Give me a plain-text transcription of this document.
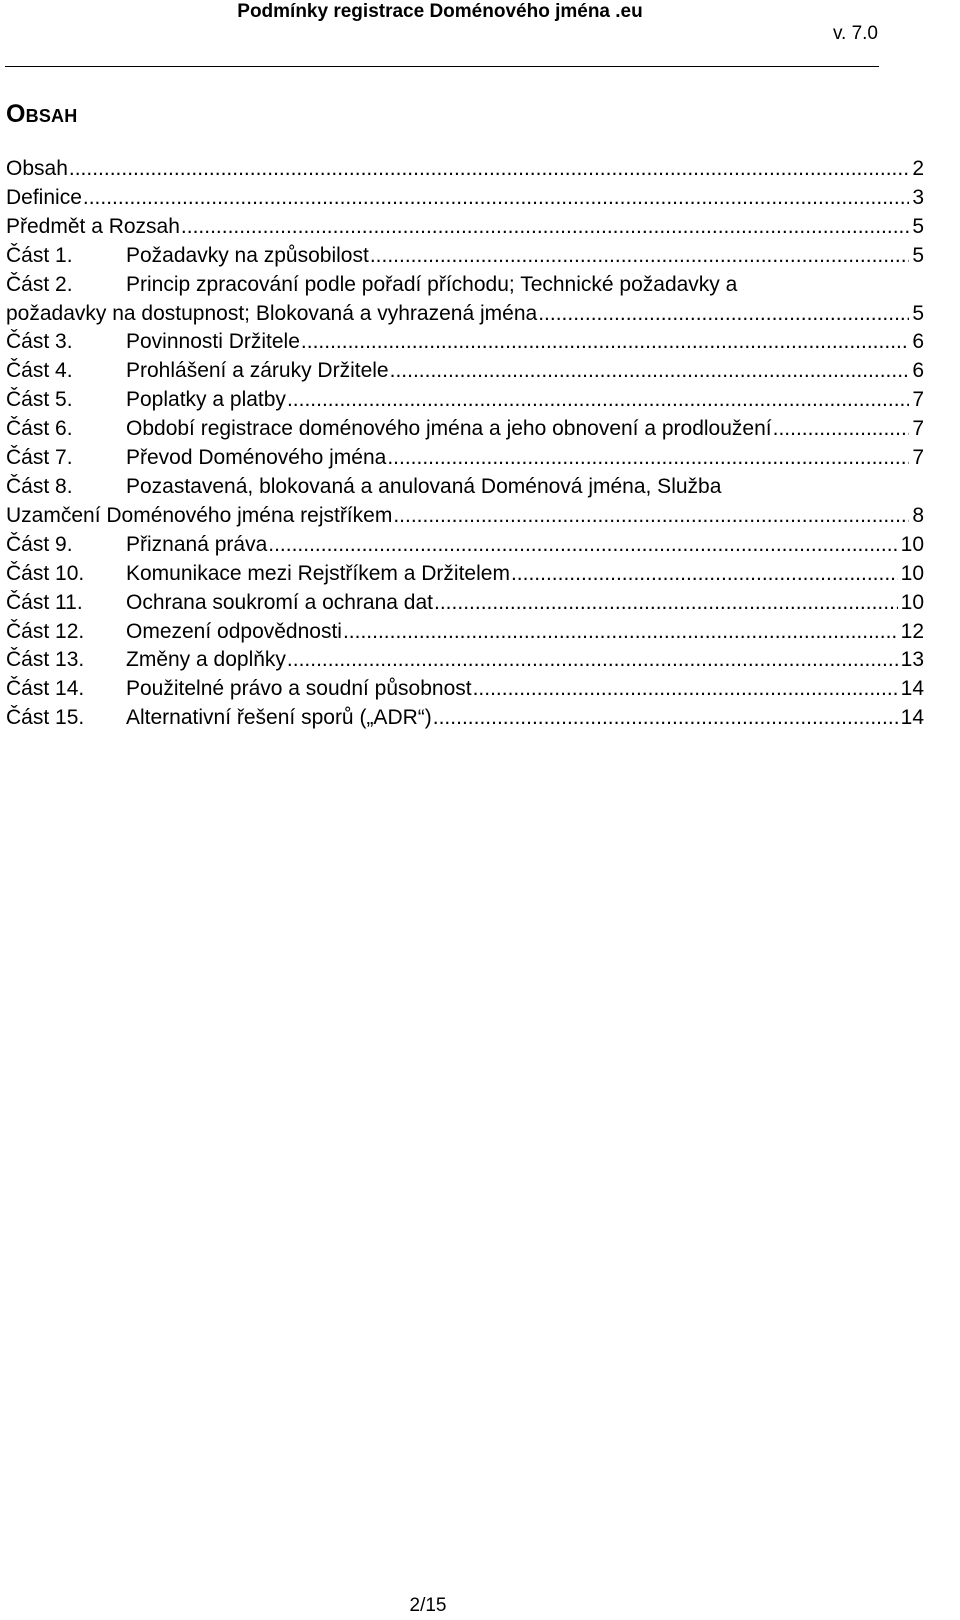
Podmínky registrace Doménového jména .eu
v. 7.0
Obsah
Obsah .....	2
Definice .....	3
Předmět a Rozsah .....	5
Část 1.	Požadavky na způsobilost .....	5
Část 2.	Princip zpracování podle pořadí příchodu; Technické požadavky a
požadavky na dostupnost; Blokovaná a vyhrazená jména .....	5
Část 3.	Povinnosti Držitele .....	6
Část 4.	Prohlášení a záruky Držitele .....	6
Část 5.	Poplatky a platby .....	7
Část 6.	Období registrace doménového jména a jeho obnovení a prodloužení .....	7
Část 7.	Převod Doménového jména .....	7
Část 8.	Pozastavená, blokovaná a anulovaná Doménová jména, Služba
Uzamčení Doménového jména rejstříkem .....	8
Část 9.	Přiznaná práva .....	10
Část 10.	Komunikace mezi Rejstříkem a Držitelem .....	10
Část 11.	Ochrana soukromí a ochrana dat .....	10
Část 12.	Omezení odpovědnosti .....	12
Část 13.	Změny a doplňky .....	13
Část 14.	Použitelné právo a soudní působnost .....	14
Část 15.	Alternativní řešení sporů („ADR“) .....	14
2/15
